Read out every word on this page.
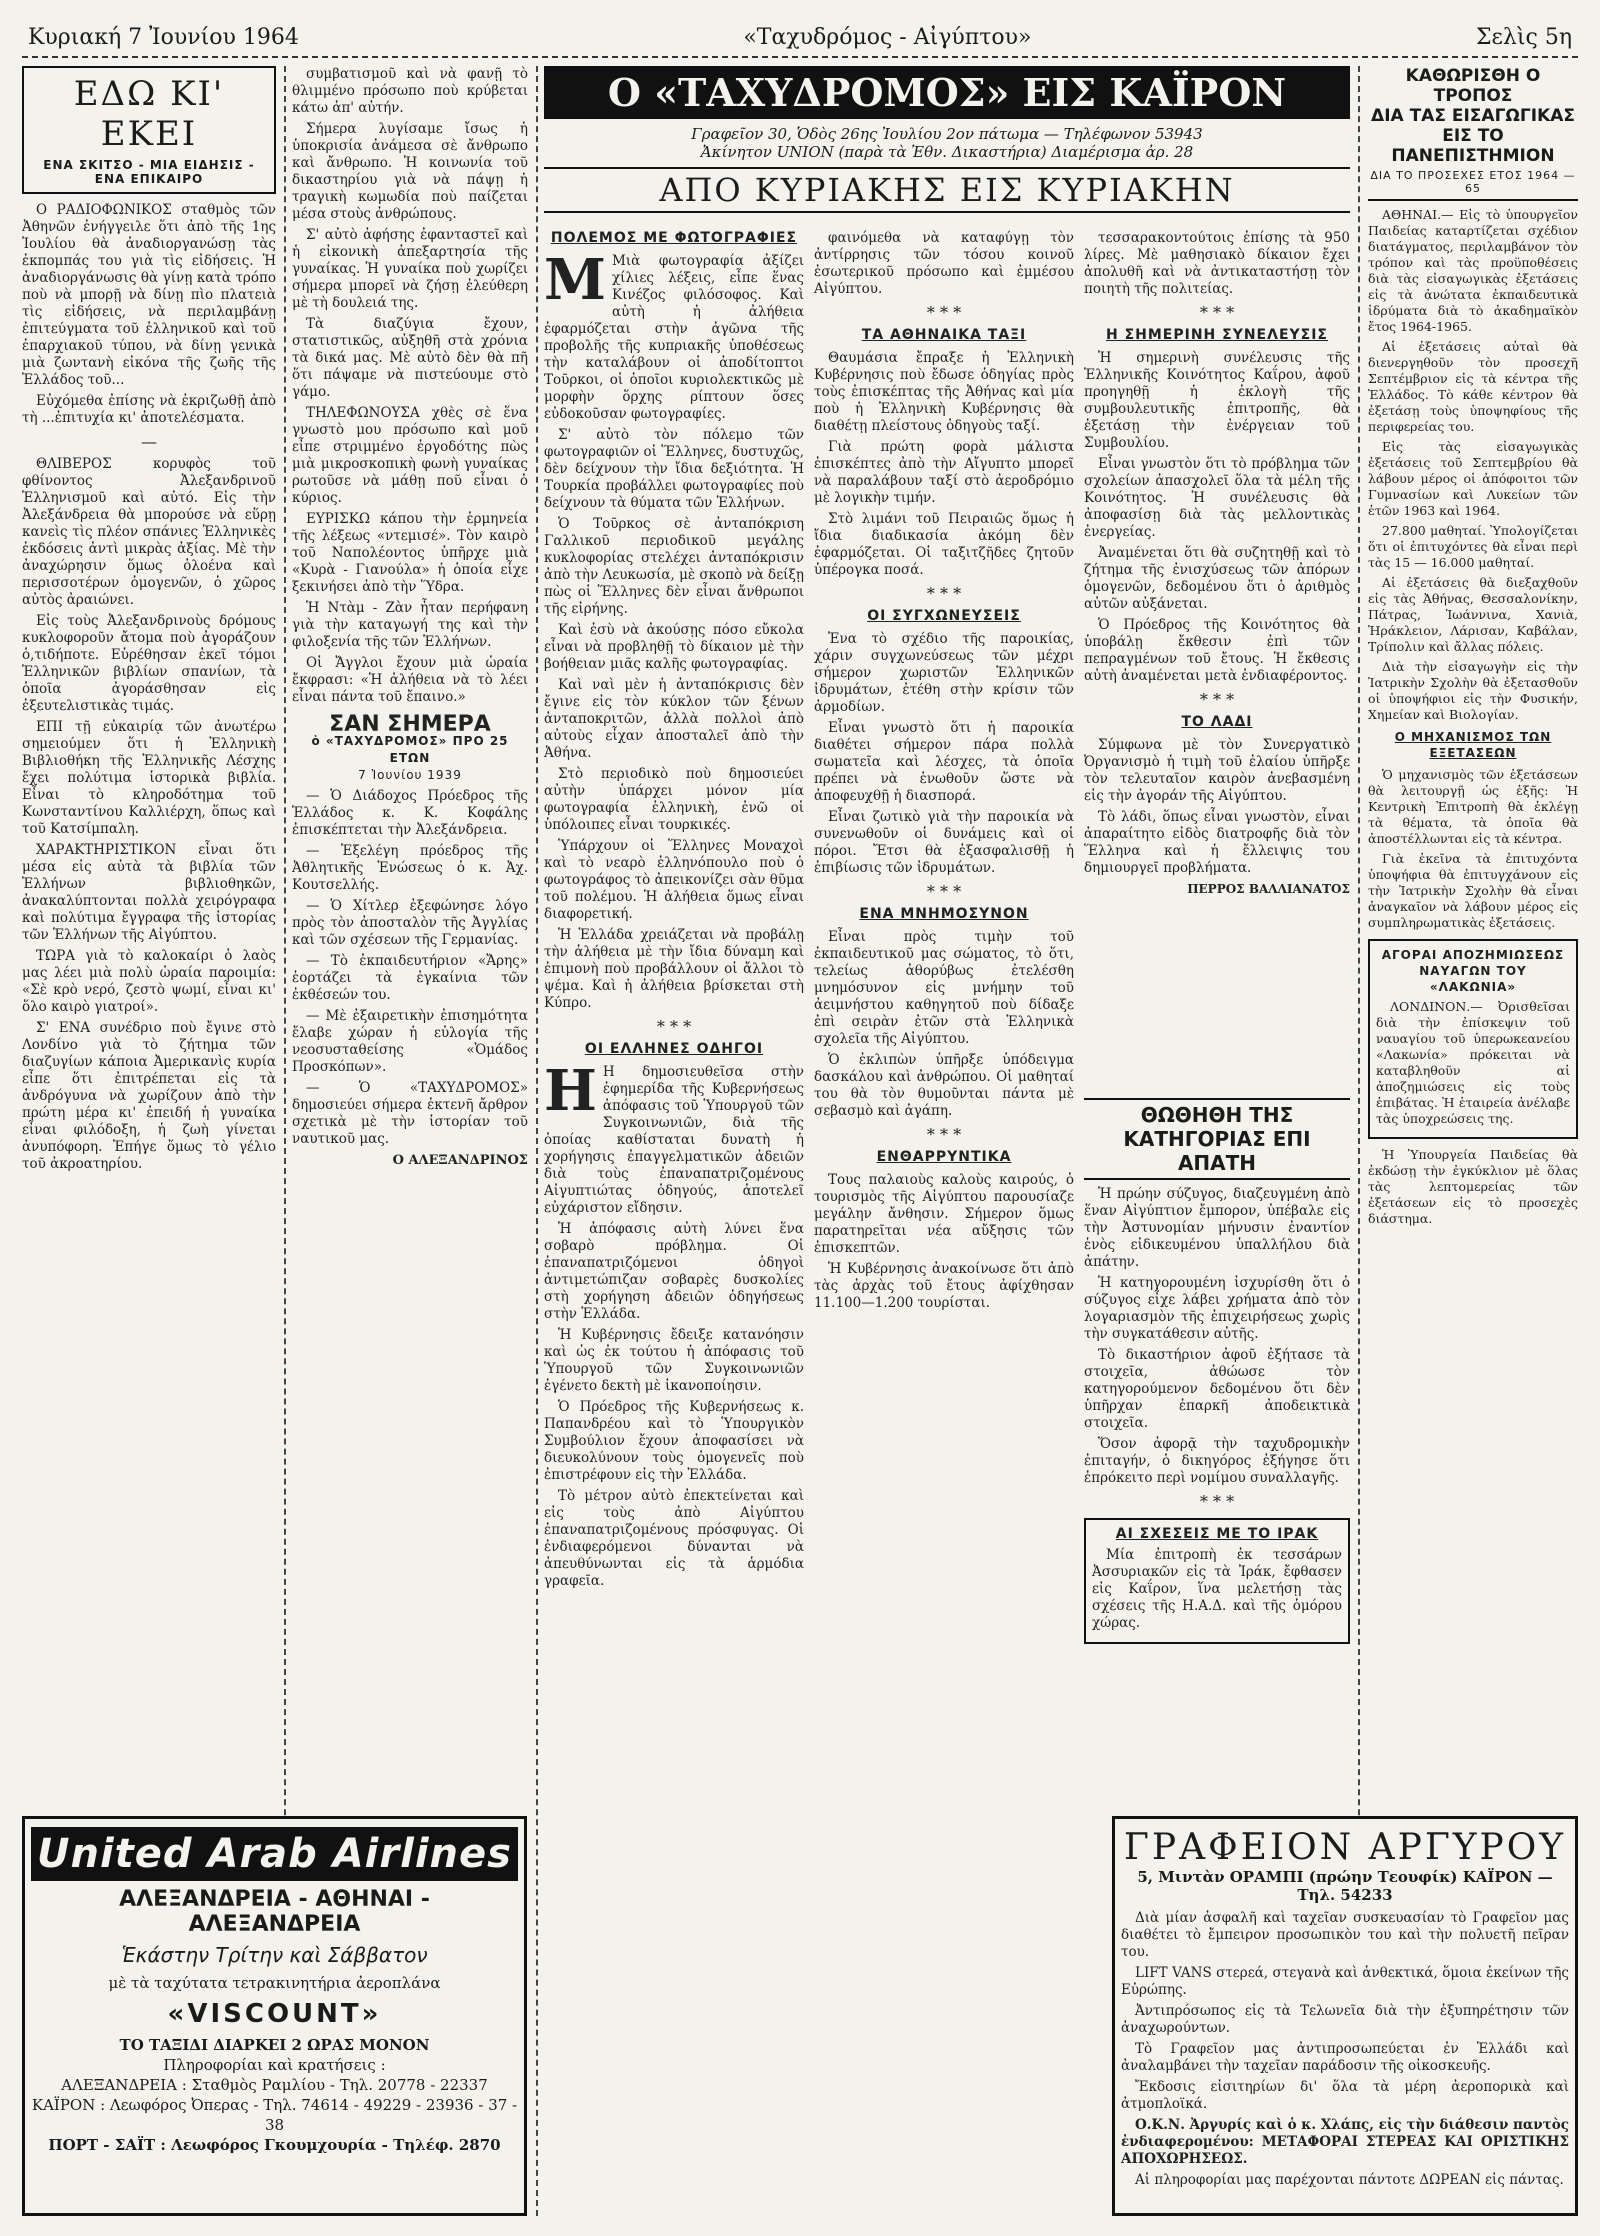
Κυριακή 7 Ἰουνίου 1964	«Ταχυδρόμος - Αἰγύπτου»	Σελὶς 5η
ΕΔΩ ΚΙ' ΕΚΕΙ
ΕΝΑ ΣΚΙΤΣΟ - ΜΙΑ ΕΙΔΗΣΙΣ - ΕΝΑ ΕΠΙΚΑΙΡΟ

Ο ΡΑΔΙΟΦΩΝΙΚΟΣ σταθμὸς τῶν Ἀθηνῶν ἐνήγγειλε ὅτι ἀπὸ τῆς 1ης Ἰουλίου θὰ ἀναδιοργανώσῃ τὰς ἐκπομπάς του γιὰ τὶς εἰδήσεις. Ἡ ἀναδιοργάνωσις θὰ γίνῃ κατὰ τρόπο ποὺ νὰ μπορῇ νὰ δίνῃ πὶο πλατειὰ τὶς εἰδήσεις, νὰ περιλαμβάνῃ ἐπιτεύγματα τοῦ ἑλληνικοῦ καὶ τοῦ ἐπαρχιακοῦ τύπου, νὰ δίνῃ γενικὰ μιὰ ζωντανὴ εἰκόνα τῆς ζωῆς τῆς Ἑλλάδος τοῦ...

Εὐχόμεθα ἐπίσης νὰ ἐκριζωθῇ ἀπὸ τὴ ...ἐπιτυχία κι' ἀποτελέσματα.

—

ΘΛΙΒΕΡΟΣ κορυφὸς τοῦ φθίνοντος Ἀλεξανδρινοῦ Ἑλληνισμοῦ καὶ αὐτό. Εἰς τὴν Ἀλεξάνδρεια θὰ μπορούσε νὰ εὕρῃ κανεὶς τὶς πλέον σπάνιες Ἑλληνικὲς ἐκδόσεις ἀντὶ μικρὰς ἀξίας. Μὲ τὴν ἀναχώρησιν ὅμως ὁλοένα καὶ περισσοτέρων ὁμογενῶν, ὁ χῶρος αὐτὸς ἀραιώνει.

Εἰς τοὺς Ἀλεξανδρινοὺς δρόμους κυκλοφοροῦν ἄτομα ποὺ ἀγοράζουν ὁ,τιδήποτε. Εὑρέθησαν ἐκεῖ τόμοι Ἑλληνικῶν βιβλίων σπανίων, τὰ ὁποῖα ἀγοράσθησαν εἰς ἐξευτελιστικὰς τιμάς.

ΕΠΙ τῇ εὐκαιρίᾳ τῶν ἀνωτέρω σημειούμεν ὅτι ἡ Ἑλληνικὴ Βιβλιοθήκη τῆς Ἑλληνικῆς Λέσχης ἔχει πολύτιμα ἱστορικὰ βιβλία. Εἶναι τὸ κληροδότημα τοῦ Κωνσταντίνου Καλλιέρχη, ὅπως καὶ τοῦ Κατσίμπαλη.

ΧΑΡΑΚΤΗΡΙΣΤΙΚΟΝ εἶναι ὅτι μέσα εἰς αὐτὰ τὰ βιβλία τῶν Ἑλλήνων βιβλιοθηκῶν, ἀνακαλύπτονται πολλὰ χειρόγραφα καὶ πολύτιμα ἔγγραφα τῆς ἱστορίας τῶν Ἑλλήνων τῆς Αἰγύπτου.

ΤΩΡΑ γιὰ τὸ καλοκαίρι ὁ λαὸς μας λέει μιὰ πολὺ ὡραία παροιμία: «Σὲ κρὸ νερό, ζεστὸ ψωμί, εἶναι κι' ὅλο καιρὸ γιατροί».

Σ' ΕΝΑ συνέδριο ποὺ ἔγινε στὸ Λονδίνο γιὰ τὸ ζήτημα τῶν διαζυγίων κάποια Ἀμερικανὶς κυρία εἶπε ὅτι ἐπιτρέπεται εἰς τὰ ἀνδρόγυνα νὰ χωρίζουν ἀπὸ τὴν πρώτη μέρα κι' ἐπειδή ἡ γυναίκα εἶναι φιλόδοξη, ἡ ζωὴ γίνεται ἀνυπόφορη. Ἐπήγε ὅμως τὸ γέλιο τοῦ ἀκροατηρίου.

United Arab Airlines
ΑΛΕΞΑΝΔΡΕΙΑ - ΑΘΗΝΑΙ - ΑΛΕΞΑΝΔΡΕΙΑ
Ἑκάστην Τρίτην καὶ Σάββατον
μὲ τὰ ταχύτατα τετρακινητήρια ἀεροπλάνα
«VISCOUNT»
ΤΟ ΤΑΞΙΔΙ ΔΙΑΡΚΕΙ 2 ΩΡΑΣ ΜΟΝΟΝ
Πληροφορίαι καὶ κρατήσεις :
ΑΛΕΞΑΝΔΡΕΙΑ : Σταθμὸς Ραμλίου - Τηλ. 20778 - 22337
ΚΑΪΡΟΝ : Λεωφόρος Ὀπερας - Τηλ. 74614 - 49229 - 23936 - 37 - 38
ΠΟΡΤ - ΣΑΪΤ : Λεωφόρος Γκουμχουρία - Τηλέφ. 2870

συμβατισμοῦ καὶ νὰ φανῇ τὸ θλιμμένο πρόσωπο ποὺ κρύβεται κάτω ἀπ' αὐτήν.

Σήμερα λυγίσαμε ἴσως ἡ ὑποκρισία ἀνάμεσα σὲ ἄνθρωπο καὶ ἄνθρωπο. Ἡ κοινωνία τοῦ δικαστηρίου γιὰ νὰ πάψῃ ἡ τραγικὴ κωμωδία ποὺ παίζεται μέσα στοὺς ἀνθρώπους.

Σ' αὐτὸ ἀφήσης ἐφανταστεῖ καὶ ἡ εἰκονικὴ ἀπεξαρτησία τῆς γυναίκας. Ἡ γυναίκα ποὺ χωρίζει σήμερα μπορεῖ νὰ ζήσῃ ἐλεύθερη μὲ τὴ δουλειά της.

Τὰ διαζύγια ἔχουν, στατιστικῶς, αὐξηθῆ στὰ χρόνια τὰ δικά μας. Μὲ αὐτὸ δὲν θὰ πῆ ὅτι πάψαμε νὰ πιστεύουμε στὸ γάμο.

ΤΗΛΕΦΩΝΟΥΣΑ χθὲς σὲ ἕνα γνωστὸ μου πρόσωπο καὶ μοῦ εἶπε στριμμένο ἐργοδότης πὼς μιὰ μικροσκοπικὴ φωνὴ γυναίκας ρωτοῦσε νὰ μάθῃ ποῦ εἶναι ὁ κύριος.

ΕΥΡΙΣΚΩ κάπου τὴν ἑρμηνεία τῆς λέξεως «ντεμισέ». Τὸν καιρὸ τοῦ Ναπολέοντος ὑπῆρχε μιὰ «Κυρὰ - Γιανούλα» ἡ ὁποία εἶχε ξεκινήσει ἀπὸ τὴν Ὕδρα.

Ἡ Ντὰμ - Ζὰν ἦταν περήφανη γιὰ τὴν καταγωγή της καὶ τὴν φιλοξενία τῆς τῶν Ἑλλήνων.

Οἱ Ἄγγλοι ἔχουν μιὰ ὡραία ἔκφρασι: «Ἡ ἀλήθεια νὰ τὸ λέει εἶναι πάντα τοῦ ἔπαινο.»

ΣΑΝ ΣΗΜΕΡΑ
ὁ «ΤΑΧΥΔΡΟΜΟΣ» ΠΡΟ 25 ΕΤΩΝ
7 Ἰουνίου 1939

— Ὁ Διάδοχος Πρόεδρος τῆς Ἑλλάδος κ. Κ. Κοφάλης ἐπισκέπτεται τὴν Ἀλεξάνδρεια.

— Ἐξελέγη πρόεδρος τῆς Ἀθλητικῆς Ἑνώσεως ὁ κ. Ἀχ. Κουτσελλής.

— Ὁ Χίτλερ ἐξεφώνησε λόγο πρὸς τὸν ἀποσταλὸν τῆς Ἀγγλίας καὶ τῶν σχέσεων τῆς Γερμανίας.

— Τὸ ἐκπαιδευτήριον «Ἄρης» ἑορτάζει τὰ ἐγκαίνια τῶν ἐκθέσεών του.

— Μὲ ἐξαιρετικὴν ἐπισημότητα ἔλαβε χώραν ἡ εὐλογία τῆς νεοσυσταθείσης «Ὁμάδος Προσκόπων».

— Ὁ «ΤΑΧΥΔΡΟΜΟΣ» δημοσιεύει σήμερα ἐκτενῆ ἄρθρον σχετικὰ μὲ τὴν ἱστορίαν τοῦ ναυτικοῦ μας.

Ο ΑΛΕΞΑΝΔΡΙΝΟΣ
Ο «ΤΑΧΥΔΡΟΜΟΣ» ΕΙΣ ΚΑΪΡΟΝ
Γραφεῖον 30, Ὁδὸς 26ης Ἰουλίου 2ον πάτωμα — Τηλέφωνον 53943
Ἀκίνητον UNION (παρὰ τὰ Ἐθν. Δικαστήρια) Διαμέρισμα ἀρ. 28
ΑΠΟ ΚΥΡΙΑΚΗΣ ΕΙΣ ΚΥΡΙΑΚΗΝ
ΠΟΛΕΜΟΣ ΜΕ ΦΩΤΟΓΡΑΦΙΕΣ

Μ Μιὰ φωτογραφία ἀξίζει χίλιες λέξεις, εἶπε ἕνας Κινέζος φιλόσοφος. Καὶ αὐτὴ ἡ ἀλήθεια ἐφαρμόζεται στὴν ἀγῶνα τῆς προβολῆς τῆς κυπριακῆς ὑποθέσεως τὴν καταλάβουν οἱ ἀποδίτοπτοι Τοῦρκοι, οἱ ὁποῖοι κυριολεκτικῶς μὲ μορφὴν ὅρχης ρίπτουν ὅσες εὐδοκοῦσαν φωτογραφίες.

Σ' αὐτὸ τὸν πόλεμο τῶν φωτογραφιῶν οἱ Ἕλληνες, δυστυχῶς, δὲν δείχνουν τὴν ἴδια δεξιότητα. Ἡ Τουρκία προβάλλει φωτογραφίες ποὺ δείχνουν τὰ θύματα τῶν Ἑλλήνων.

Ὁ Τοῦρκος σὲ ἀνταπόκριση Γαλλικοῦ περιοδικοῦ μεγάλης κυκλοφορίας στελέχει ἀνταπόκρισιν ἀπὸ τὴν Λευκωσία, μὲ σκοπὸ νὰ δείξῃ πὼς οἱ Ἕλληνες δὲν εἶναι ἄνθρωποι τῆς εἰρήνης.

Καὶ ἐσὺ νὰ ἀκούσῃς πόσο εὔκολα εἶναι νὰ προβληθῇ τὸ δίκαιον μὲ τὴν βοήθειαν μιᾶς καλῆς φωτογραφίας.

Καὶ ναὶ μὲν ἡ ἀνταπόκρισις δὲν ἔγινε εἰς τὸν κύκλον τῶν ξένων ἀνταποκριτῶν, ἀλλὰ πολλοὶ ἀπὸ αὐτοὺς εἶχαν ἀποσταλεῖ ἀπὸ τὴν Ἀθήνα.

Στὸ περιοδικὸ ποὺ δημοσιεύει αὐτὴν ὑπάρχει μόνον μία φωτογραφία ἑλληνικὴ, ἐνῶ οἱ ὑπόλοιπες εἶναι τουρκικές.

Ὑπάρχουν οἱ Ἕλληνες Μοναχοὶ καὶ τὸ νεαρὸ ἑλληνόπουλο ποὺ ὁ φωτογράφος τὸ ἀπεικονίζει σὰν θῦμα τοῦ πολέμου. Ἡ ἀλήθεια ὅμως εἶναι διαφορετική.

Ἡ Ἑλλάδα χρειάζεται νὰ προβάλῃ τὴν ἀλήθεια μὲ τὴν ἴδια δύναμη καὶ ἐπιμονὴ ποὺ προβάλλουν οἱ ἄλλοι τὸ ψέμα. Καὶ ἡ ἀλήθεια βρίσκεται στὴ Κύπρο.

* * *
ΟΙ ΕΛΛΗΝΕΣ ΟΔΗΓΟΙ

Η Η δημοσιευθεῖσα στὴν ἐφημερίδα τῆς Κυβερνήσεως ἀπόφασις τοῦ Ὑπουργοῦ τῶν Συγκοινωνιῶν, διὰ τῆς ὁποίας καθίσταται δυνατὴ ἡ χορήγησις ἐπαγγελματικῶν ἀδειῶν διὰ τοὺς ἐπαναπατριζομένους Αἰγυπτιώτας ὁδηγούς, ἀποτελεῖ εὐχάριστον εἴδησιν.

Ἡ ἀπόφασις αὐτὴ λύνει ἕνα σοβαρὸ πρόβλημα. Οἱ ἐπαναπατριζόμενοι ὁδηγοὶ ἀντιμετώπιζαν σοβαρὲς δυσκολίες στὴ χορήγηση ἀδειῶν ὁδηγήσεως στὴν Ἑλλάδα.

Ἡ Κυβέρνησις ἔδειξε κατανόησιν καὶ ὡς ἐκ τούτου ἡ ἀπόφασις τοῦ Ὑπουργοῦ τῶν Συγκοινωνιῶν ἐγένετο δεκτὴ μὲ ἱκανοποίησιν.

Ὁ Πρόεδρος τῆς Κυβερνήσεως κ. Παπανδρέου καὶ τὸ Ὑπουργικὸν Συμβούλιον ἔχουν ἀποφασίσει νὰ διευκολύνουν τοὺς ὁμογενεῖς ποὺ ἐπιστρέφουν εἰς τὴν Ἑλλάδα.

Τὸ μέτρον αὐτὸ ἐπεκτείνεται καὶ εἰς τοὺς ἀπὸ Αἰγύπτου ἐπαναπατριζομένους πρόσφυγας. Οἱ ἐνδιαφερόμενοι δύνανται νὰ ἀπευθύνωνται εἰς τὰ ἁρμόδια γραφεῖα.

φαινόμεθα νὰ καταφύγῃ τὸν ἀντίρρησις τῶν τόσου κοινοῦ ἐσωτερικοῦ πρόσωπο καὶ ἐμμέσου Αἰγύπτου.

* * *
ΤΑ ΑΘΗΝΑΙΚΑ ΤΑΞΙ

Θαυμάσια ἔπραξε ἡ Ἑλληνικὴ Κυβέρνησις ποὺ ἔδωσε ὁδηγίας πρὸς τοὺς ἐπισκέπτας τῆς Ἀθήνας καὶ μία ποὺ ἡ Ἑλληνικὴ Κυβέρνησις θὰ διαθέτῃ πλείστους ὁδηγοὺς ταξί.

Γιὰ πρώτη φορὰ μάλιστα ἐπισκέπτες ἀπὸ τὴν Αἴγυπτο μπορεῖ νὰ παραλάβουν ταξί στὸ ἀεροδρόμιο μὲ λογικὴν τιμήν.

Στὸ λιμάνι τοῦ Πειραιῶς ὅμως ἡ ἴδια διαδικασία ἀκόμη δὲν ἐφαρμόζεται. Οἱ ταξιτζῆδες ζητοῦν ὑπέρογκα ποσά.

* * *
ΟΙ ΣΥΓΧΩΝΕΥΣΕΙΣ

Ἐνα τὸ σχέδιο τῆς παροικίας, χάριν συγχωνεύσεως τῶν μέχρι σήμερον χωριστῶν Ἑλληνικῶν ἰδρυμάτων, ἐτέθη στὴν κρίσιν τῶν ἀρμοδίων.

Εἶναι γνωστὸ ὅτι ἡ παροικία διαθέτει σήμερον πάρα πολλὰ σωματεῖα καὶ λέσχες, τὰ ὁποῖα πρέπει νὰ ἑνωθοῦν ὥστε νὰ ἀποφευχθῇ ἡ διασπορά.

Εἶναι ζωτικὸ γιὰ τὴν παροικία νὰ συνενωθοῦν οἱ δυνάμεις καὶ οἱ πόροι. Ἔτσι θὰ ἐξασφαλισθῇ ἡ ἐπιβίωσις τῶν ἰδρυμάτων.

* * *
ΕΝΑ ΜΝΗΜΟΣΥΝΟΝ

Εἶναι πρὸς τιμὴν τοῦ ἐκπαιδευτικοῦ μας σώματος, τὸ ὅτι, τελείως ἀθορύβως ἐτελέσθη μνημόσυνον εἰς μνήμην τοῦ ἀειμνήστου καθηγητοῦ ποὺ δίδαξε ἐπὶ σειρὰν ἐτῶν στὰ Ἑλληνικὰ σχολεῖα τῆς Αἰγύπτου.

Ὁ ἐκλιπὼν ὑπῆρξε ὑπόδειγμα δασκάλου καὶ ἀνθρώπου. Οἱ μαθηταί του θὰ τὸν θυμοῦνται πάντα μὲ σεβασμὸ καὶ ἀγάπη.

* * *
ΕΝΘΑΡΡΥΝΤΙΚΑ

Τους παλαιοὺς καλοὺς καιρούς, ὁ τουρισμὸς τῆς Αἰγύπτου παρουσίαζε μεγάλην ἄνθησιν. Σήμερον ὅμως παρατηρεῖται νέα αὔξησις τῶν ἐπισκεπτῶν.

Ἡ Κυβέρνησις ἀνακοίνωσε ὅτι ἀπὸ τὰς ἀρχὰς τοῦ ἔτους ἀφίχθησαν 11.100—1.200 τουρίσται.

τεσσαρακοντούτοις ἐπίσης τὰ 950 λίρες. Μὲ μαθησιακὸ δίκαιον ἔχει ἀπολυθῆ καὶ νὰ ἀντικαταστήσῃ τὸν ποιητὴ τῆς πολιτείας.

* * *
Η ΣΗΜΕΡΙΝΗ ΣΥΝΕΛΕΥΣΙΣ

Ἡ σημερινὴ συνέλευσις τῆς Ἑλληνικῆς Κοινότητος Καΐρου, ἀφοῦ προηγηθῇ ἡ ἐκλογὴ τῆς συμβουλευτικῆς ἐπιτροπῆς, θὰ ἐξετάσῃ τὴν ἐνέργειαν τοῦ Συμβουλίου.

Εἶναι γνωστὸν ὅτι τὸ πρόβλημα τῶν σχολείων ἀπασχολεῖ ὅλα τὰ μέλη τῆς Κοινότητος. Ἡ συνέλευσις θὰ ἀποφασίσῃ διὰ τὰς μελλοντικὰς ἐνεργείας.

Ἀναμένεται ὅτι θὰ συζητηθῇ καὶ τὸ ζήτημα τῆς ἐνισχύσεως τῶν ἀπόρων ὁμογενῶν, δεδομένου ὅτι ὁ ἀριθμὸς αὐτῶν αὐξάνεται.

Ὁ Πρόεδρος τῆς Κοινότητος θὰ ὑποβάλῃ ἔκθεσιν ἐπὶ τῶν πεπραγμένων τοῦ ἔτους. Ἡ ἔκθεσις αὐτὴ ἀναμένεται μετὰ ἐνδιαφέροντος.

* * *
ΤΟ ΛΑΔΙ

Σύμφωνα μὲ τὸν Συνεργατικὸ Ὀργανισμὸ ἡ τιμὴ τοῦ ἐλαίου ὑπῆρξε τὸν τελευταῖον καιρὸν ἀνεβασμένη εἰς τὴν ἀγοράν τῆς Αἰγύπτου.

Τὸ λάδι, ὅπως εἶναι γνωστὸν, εἶναι ἀπαραίτητο εἰδὸς διατροφῆς διὰ τὸν Ἕλληνα καὶ ἡ ἔλλειψις του δημιουργεῖ προβλήματα.

ΠΕΡΡΟΣ ΒΑΛΛΙΑΝΑΤΟΣ
ΘΩΘΗΘΗ ΤΗΣ ΚΑΤΗΓΟΡΙΑΣ ΕΠΙ ΑΠΑΤΗ

Ἡ πρώην σύζυγος, διαζευγμένη ἀπὸ ἕναν Αἰγύπτιον ἔμπορον, ὑπέβαλε εἰς τὴν Ἀστυνομίαν μήνυσιν ἐναντίον ἑνὸς εἰδικευμένου ὑπαλλήλου διὰ ἀπάτην.

Ἡ κατηγορουμένη ἰσχυρίσθη ὅτι ὁ σύζυγος εἶχε λάβει χρήματα ἀπὸ τὸν λογαριασμὸν τῆς ἐπιχειρήσεως χωρὶς τὴν συγκατάθεσιν αὐτῆς.

Τὸ δικαστήριον ἀφοῦ ἐξήτασε τὰ στοιχεῖα, ἀθώωσε τὸν κατηγορούμενον δεδομένου ὅτι δὲν ὑπῆρχαν ἐπαρκῆ ἀποδεικτικὰ στοιχεῖα.

Ὅσον ἀφορᾷ τὴν ταχυδρομικὴν ἐπιταγήν, ὁ δικηγόρος ἐξήγησε ὅτι ἐπρόκειτο περὶ νομίμου συναλλαγῆς.

* * *
ΑΙ ΣΧΕΣΕΙΣ ΜΕ ΤΟ ΙΡΑΚ

Μία ἐπιτροπὴ ἐκ τεσσάρων Ἀσσυριακῶν εἰς τὰ Ἰράκ, ἔφθασεν εἰς Καΐρον, ἵνα μελετήσῃ τὰς σχέσεις τῆς Η.Α.Δ. καὶ τῆς ὁμόρου χώρας.

ΚΑΘΩΡΙΣΘΗ Ο ΤΡΟΠΟΣ
ΔΙΑ ΤΑΣ ΕΙΣΑΓΩΓΙΚΑΣ
ΕΙΣ ΤΟ ΠΑΝΕΠΙΣΤΗΜΙΟΝ
ΔΙΑ ΤΟ ΠΡΟΣΕΧΕΣ ΕΤΟΣ 1964 — 65

ΑΘΗΝΑΙ.— Εἰς τὸ ὑπουργεῖον Παιδείας καταρτίζεται σχέδιον διατάγματος, περιλαμβάνον τὸν τρόπον καὶ τὰς προϋποθέσεις διὰ τὰς εἰσαγωγικὰς ἐξετάσεις εἰς τὰ ἀνώτατα ἐκπαιδευτικὰ ἱδρύματα διὰ τὸ ἀκαδημαϊκὸν ἔτος 1964-1965.

Αἱ ἐξετάσεις αὐταὶ θὰ διενεργηθοῦν τὸν προσεχῆ Σεπτέμβριον εἰς τὰ κέντρα τῆς Ἑλλάδος. Τὸ κάθε κέντρον θὰ ἐξετάσῃ τοὺς ὑποψηφίους τῆς περιφερείας του.

Εἰς τὰς εἰσαγωγικὰς ἐξετάσεις τοῦ Σεπτεμβρίου θὰ λάβουν μέρος οἱ ἀπόφοιτοι τῶν Γυμνασίων καὶ Λυκείων τῶν ἐτῶν 1963 καὶ 1964.

27.800 μαθηταί. Ὑπολογίζεται ὅτι οἱ ἐπιτυχόντες θὰ εἶναι περὶ τὰς 15 — 16.000 μαθηταί.

Αἱ ἐξετάσεις θὰ διεξαχθοῦν εἰς τὰς Ἀθήνας, Θεσσαλονίκην, Πάτρας, Ἰωάννινα, Χανιὰ, Ἡράκλειον, Λάρισαν, Καβάλαν, Τρίπολιν καὶ ἄλλας πόλεις.

Διὰ τὴν εἰσαγωγὴν εἰς τὴν Ἰατρικὴν Σχολὴν θὰ ἐξετασθοῦν οἱ ὑποψήφιοι εἰς τὴν Φυσικήν, Χημείαν καὶ Βιολογίαν.

Ο ΜΗΧΑΝΙΣΜΟΣ ΤΩΝ ΕΞΕΤΑΣΕΩΝ

Ὁ μηχανισμὸς τῶν ἐξετάσεων θὰ λειτουργῇ ὡς ἑξῆς: Ἡ Κεντρικὴ Ἐπιτροπὴ θὰ ἐκλέγῃ τὰ θέματα, τὰ ὁποῖα θὰ ἀποστέλλωνται εἰς τὰ κέντρα.

Γιὰ ἐκεῖνα τὰ ἐπιτυχόντα ὑποψήφια θὰ ἐπιτυγχάνουν εἰς τὴν Ἰατρικὴν Σχολὴν θὰ εἶναι ἀναγκαῖον νὰ λάβουν μέρος εἰς συμπληρωματικὰς ἐξετάσεις.

ΑΓΟΡΑΙ ΑΠΟΖΗΜΙΩΣΕΩΣ ΝΑΥΑΓΩΝ ΤΟΥ «ΛΑΚΩΝΙΑ»

ΛΟΝΔΙΝΟΝ.— Ὀρισθεῖσαι διὰ τὴν ἐπίσκεψιν τοῦ ναυαγίου τοῦ ὑπερωκεανείου «Λακωνία» πρόκειται νὰ καταβληθοῦν αἱ ἀποζημιώσεις εἰς τοὺς ἐπιβάτας. Ἡ ἑταιρεία ἀνέλαβε τὰς ὑποχρεώσεις της.

Ἡ Ὑπουργεία Παιδείας θὰ ἐκδώσῃ τὴν ἐγκύκλιον μὲ ὅλας τὰς λεπτομερείας τῶν ἐξετάσεων εἰς τὸ προσεχὲς διάστημα.

ΓΡΑΦΕΙΟΝ ΑΡΓΥΡΟΥ
5, Μιντὰν ΟΡΑΜΠΙ (πρώην Τεουφίκ) ΚΑΪΡΟΝ — Τηλ. 54233

Διὰ μίαν ἀσφαλῆ καὶ ταχεῖαν συσκευασίαν τὸ Γραφεῖον μας διαθέτει τὸ ἔμπειρον προσωπικὸν του καὶ τὴν πολυετῆ πεῖραν του.

LIFT VANS στερεά, στεγανὰ καὶ ἀνθεκτικά, ὅμοια ἐκείνων τῆς Εὐρώπης.

Ἀντιπρόσωπος εἰς τὰ Τελωνεῖα διὰ τὴν ἐξυπηρέτησιν τῶν ἀναχωρούντων.

Τὸ Γραφεῖον μας ἀντιπροσωπεύεται ἐν Ἑλλάδι καὶ ἀναλαμβάνει τὴν ταχεῖαν παράδοσιν τῆς οἰκοσκευῆς.

Ἔκδοσις εἰσιτηρίων δι' ὅλα τὰ μέρη ἀεροπορικὰ καὶ ἀτμοπλοϊκά.

Ο.Κ.Ν. Ἀργυρίς καὶ ὁ κ. Χλάπς, εἰς τὴν διάθεσιν παντὸς ἐνδιαφερομένου: ΜΕΤΑΦΟΡΑΙ ΣΤΕΡΕΑΣ ΚΑΙ ΟΡΙΣΤΙΚΗΣ ΑΠΟΧΩΡΗΣΕΩΣ.

Αἱ πληροφορίαι μας παρέχονται πάντοτε ΔΩΡΕΑΝ εἰς πάντας.
